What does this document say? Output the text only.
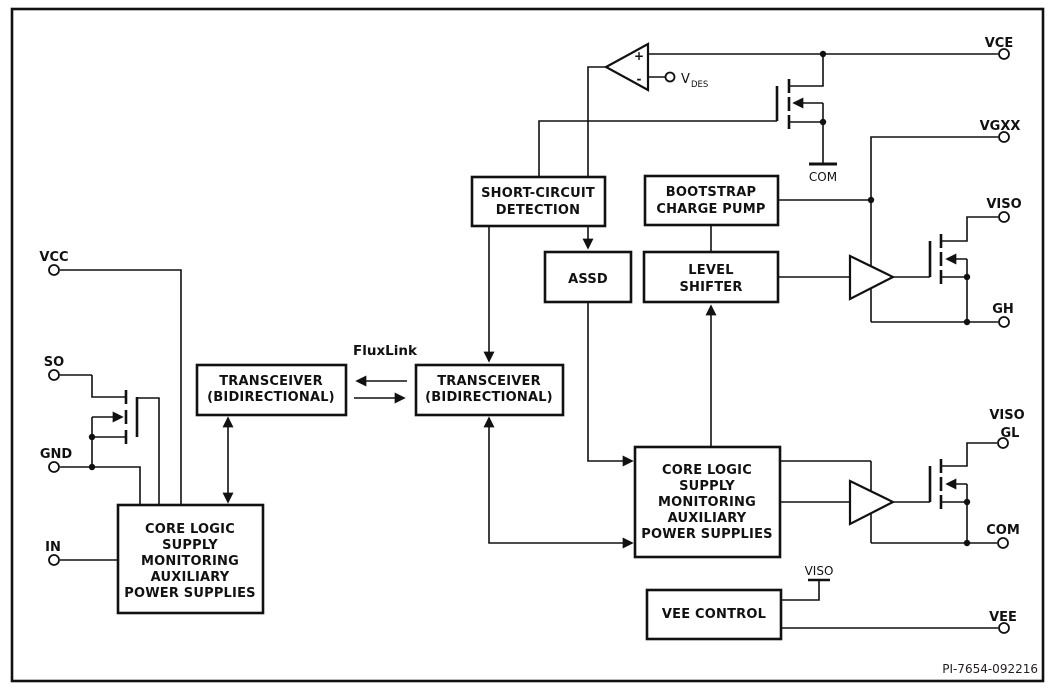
SHORT-CIRCUIT
DETECTION
BOOTSTRAP
CHARGE PUMP
ASSD
LEVEL
SHIFTER
TRANSCEIVER
(BIDIRECTIONAL)
TRANSCEIVER
(BIDIRECTIONAL)
CORE LOGIC
SUPPLY
MONITORING
AUXILIARY
POWER SUPPLIES
CORE LOGIC
SUPPLY
MONITORING
AUXILIARY
POWER SUPPLIES
VEE CONTROL
VCC
SO
GND
IN
VCE
VGXX
VISO
GH
VISO
GL
COM
VEE
COM
VISO
+
-	V DES
FluxLink
PI-7654-092216
